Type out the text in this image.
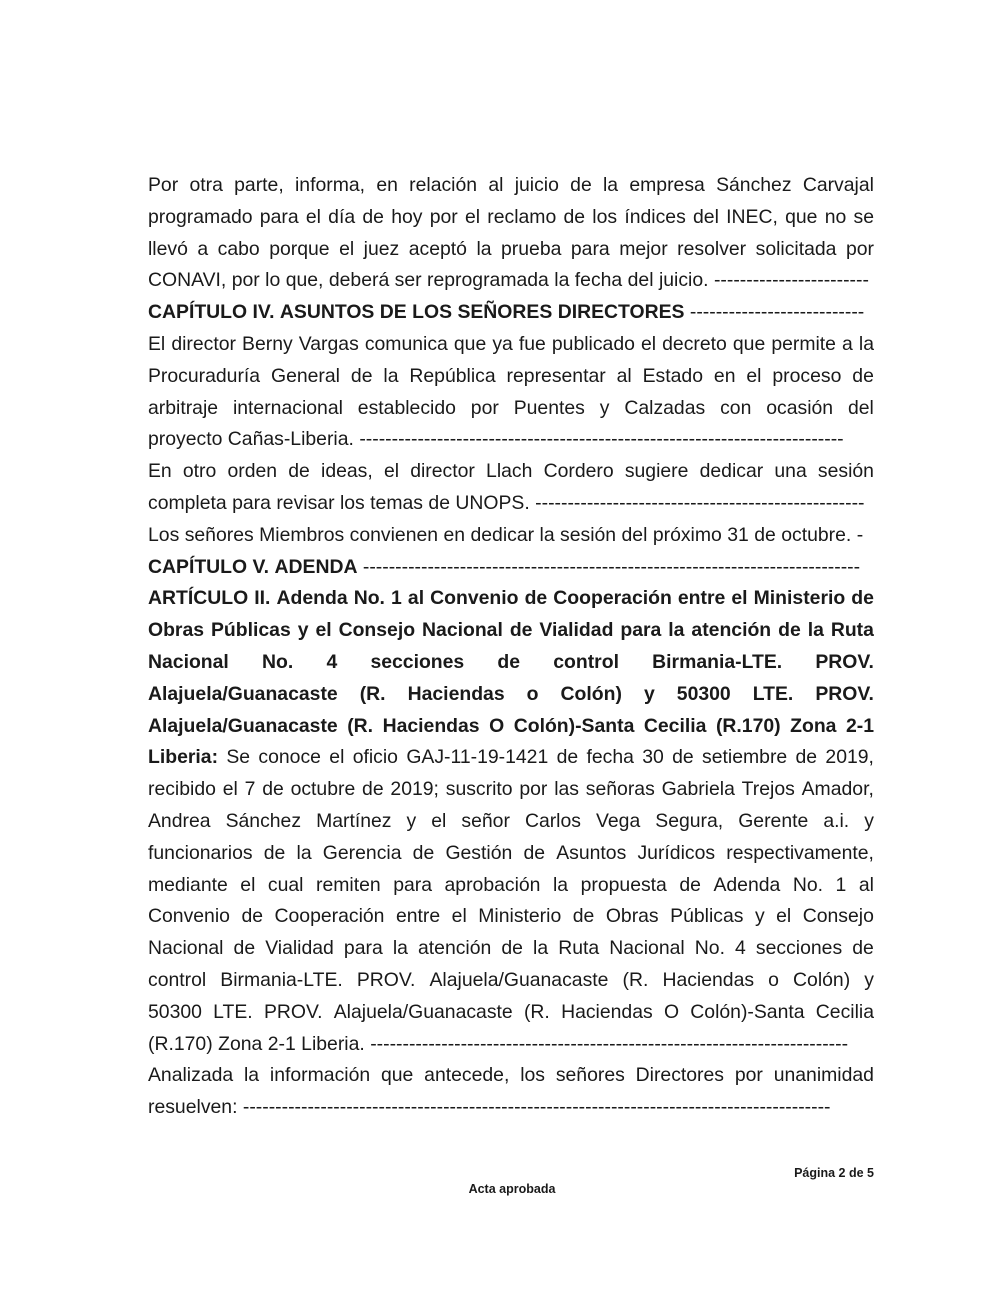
Por otra parte, informa, en relación al juicio de la empresa Sánchez Carvajal
programado para el día de hoy por el reclamo de los índices del INEC, que no se
llevó a cabo porque el juez aceptó la prueba para mejor resolver solicitada por
CONAVI, por lo que, deberá ser reprogramada la fecha del juicio. ------------------------
CAPÍTULO IV. ASUNTOS DE LOS SEÑORES DIRECTORES ---------------------------
El director Berny Vargas comunica que ya fue publicado el decreto que permite a la
Procuraduría General de la República representar al Estado en el proceso de
arbitraje internacional establecido por Puentes y Calzadas con ocasión del
proyecto Cañas-Liberia. ---------------------------------------------------------------------------
En otro orden de ideas, el director Llach Cordero sugiere dedicar una sesión
completa para revisar los temas de UNOPS. ---------------------------------------------------
Los señores Miembros convienen en dedicar la sesión del próximo 31 de octubre. -
CAPÍTULO V. ADENDA -----------------------------------------------------------------------------
ARTÍCULO II. Adenda No. 1 al Convenio de Cooperación entre el Ministerio de
Obras Públicas y el Consejo Nacional de Vialidad para la atención de la Ruta
Nacional No. 4 secciones de control Birmania-LTE. PROV.
Alajuela/Guanacaste (R. Haciendas o Colón) y 50300 LTE. PROV.
Alajuela/Guanacaste (R. Haciendas O Colón)-Santa Cecilia (R.170) Zona 2-1
Liberia: Se conoce el oficio GAJ-11-19-1421 de fecha 30 de setiembre de 2019,
recibido el 7 de octubre de 2019; suscrito por las señoras Gabriela Trejos Amador,
Andrea Sánchez Martínez y el señor Carlos Vega Segura, Gerente a.i. y
funcionarios de la Gerencia de Gestión de Asuntos Jurídicos respectivamente,
mediante el cual remiten para aprobación la propuesta de Adenda No. 1 al
Convenio de Cooperación entre el Ministerio de Obras Públicas y el Consejo
Nacional de Vialidad para la atención de la Ruta Nacional No. 4 secciones de
control Birmania-LTE. PROV. Alajuela/Guanacaste (R. Haciendas o Colón) y
50300 LTE. PROV. Alajuela/Guanacaste (R. Haciendas O Colón)-Santa Cecilia
(R.170) Zona 2-1 Liberia. --------------------------------------------------------------------------
Analizada la información que antecede, los señores Directores por unanimidad
resuelven: -------------------------------------------------------------------------------------------
Página 2 de 5
Acta aprobada
